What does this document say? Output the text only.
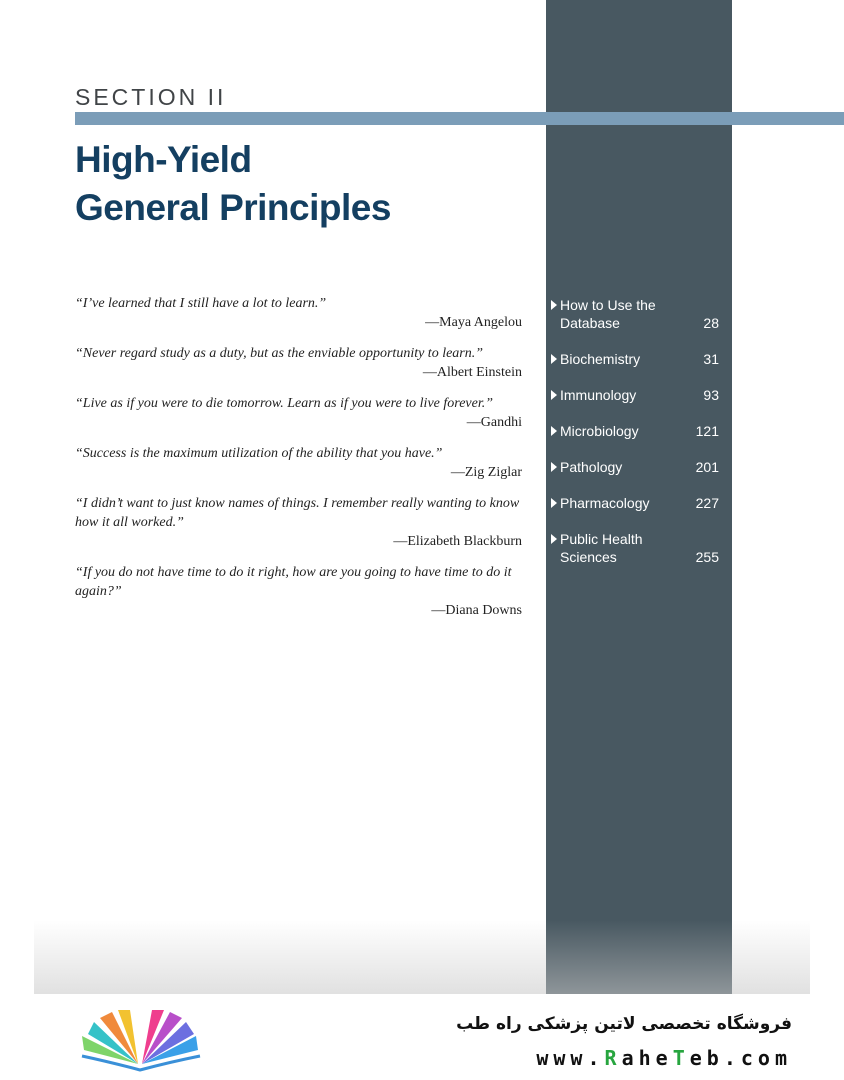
SECTION II
High-Yield
General Principles
“I’ve learned that I still have a lot to learn.”
—Maya Angelou
“Never regard study as a duty, but as the enviable opportunity to learn.”
—Albert Einstein
“Live as if you were to die tomorrow. Learn as if you were to live forever.”
—Gandhi
“Success is the maximum utilization of the ability that you have.”
—Zig Ziglar
“I didn’t want to just know names of things. I remember really wanting to know how it all worked.”
—Elizabeth Blackburn
“If you do not have time to do it right, how are you going to have time to do it again?”
—Diana Downs
How to Use the Database	28
Biochemistry	31
Immunology	93
Microbiology	121
Pathology	201
Pharmacology	227
Public Health Sciences	255
فروشگاه تخصصی لاتین پزشکی راه طب
www.RaheTeb.com
